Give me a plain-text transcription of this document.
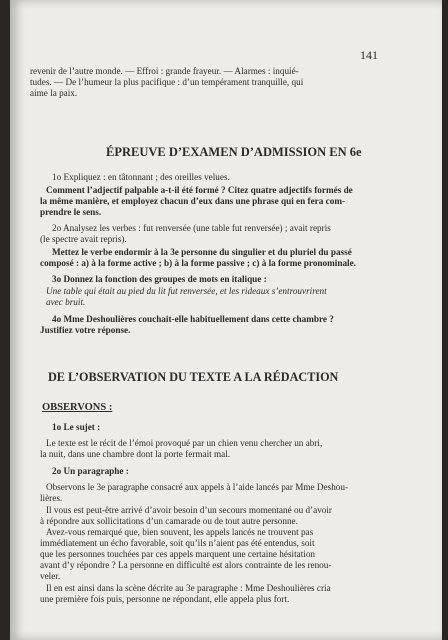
141
revenir de l’autre monde. — Effroi : grande frayeur. — Alarmes : inquié-
tudes. — De l’humeur la plus pacifique : d’un tempérament tranquille, qui
aime la paix.
ÉPREUVE D’EXAMEN D’ADMISSION EN 6e
1o Expliquez : en tâtonnant ; des oreilles velues.
Comment l’adjectif palpable a-t-il été formé ? Citez quatre adjectifs formés de
la même manière, et employez chacun d’eux dans une phrase qui en fera com-
prendre le sens.
2o Analysez les verbes : fut renversée (une table fut renversée) ; avait repris
(le spectre avait repris).
Mettez le verbe endormir à la 3e personne du singulier et du pluriel du passé
composé : a) à la forme active ; b) à la forme passive ; c) à la forme pronominale.
3o Donnez la fonction des groupes de mots en italique :
Une table qui était au pied du lit fut renversée, et les rideaux s’entrouvrirent
avec bruit.
4o Mme Deshoulières couchait-elle habituellement dans cette chambre ?
Justifiez votre réponse.
DE L’OBSERVATION DU TEXTE A LA RÉDACTION
OBSERVONS :
1o Le sujet :
Le texte est le récit de l’émoi provoqué par un chien venu chercher un abri,
la nuit, dans une chambre dont la porte fermait mal.
2o Un paragraphe :
Observons le 3e paragraphe consacré aux appels à l’aide lancés par Mme Deshou-
lières.
Il vous est peut-être arrivé d’avoir besoin d’un secours momentané ou d’avoir
à répondre aux sollicitations d’un camarade ou de tout autre personne.
Avez-vous remarqué que, bien souvent, les appels lancés ne trouvent pas
immédiatement un écho favorable, soit qu’ils n’aient pas été entendus, soit
que les personnes touchées par ces appels marquent une certaine hésitation
avant d’y répondre ? La personne en difficulté est alors contrainte de les renou-
veler.
Il en est ainsi dans la scène décrite au 3e paragraphe : Mme Deshoulières cria
une première fois puis, personne ne répondant, elle appela plus fort.
